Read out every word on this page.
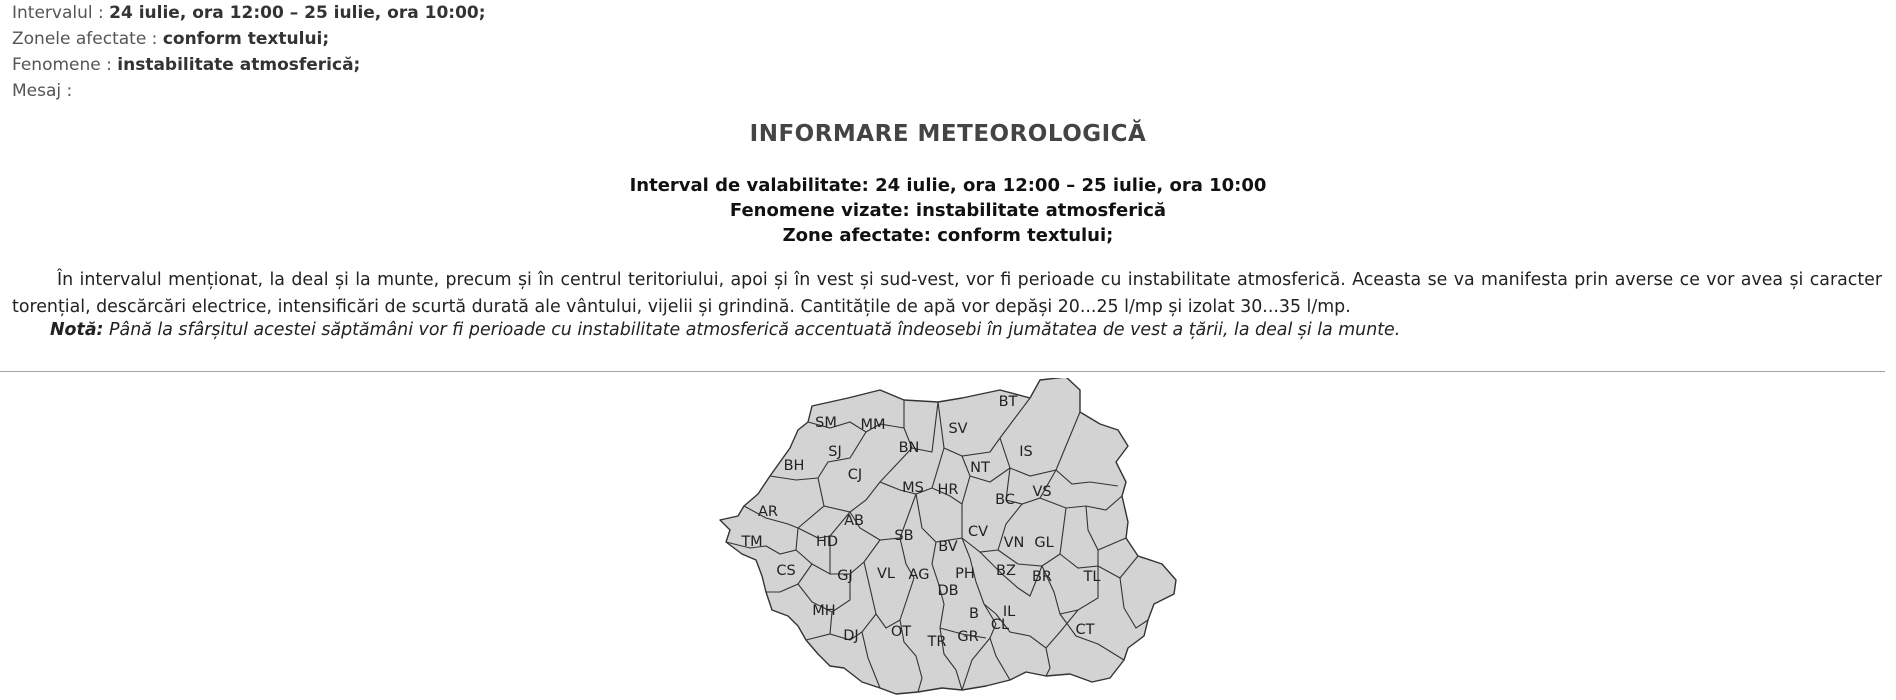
Intervalul : 24 iulie, ora 12:00 – 25 iulie, ora 10:00;
Zonele afectate : conform textului;
Fenomene : instabilitate atmosferică;
Mesaj :
INFORMARE METEOROLOGICĂ
Interval de valabilitate: 24 iulie, ora 12:00 – 25 iulie, ora 10:00
Fenomene vizate: instabilitate atmosferică
Zone afectate: conform textului;

În intervalul menționat, la deal și la munte, precum și în centrul teritoriului, apoi și în vest și sud-vest, vor fi perioade cu instabilitate atmosferică. Aceasta se va manifesta prin averse ce vor avea și caracter torențial, descărcări electrice, intensificări de scurtă durată ale vântului, vijelii și grindină. Cantitățile de apă vor depăși 20...25 l/mp și izolat 30...35 l/mp.

Notă: Până la sfârșitul acestei săptămâni vor fi perioade cu instabilitate atmosferică accentuată îndeosebi în jumătatea de vest a țării, la deal și la munte.
BT
SM MM	SV
SJ	BN	IS
BH	NT
CJ
MS HR	VS
BC
AR
AB
SB	CV
TM	HD	VN GL
BV
CS	GJ VL AG PH BZ BR TL
DB
MH	IL
B
CL
DJ OT
TR GR	CT
